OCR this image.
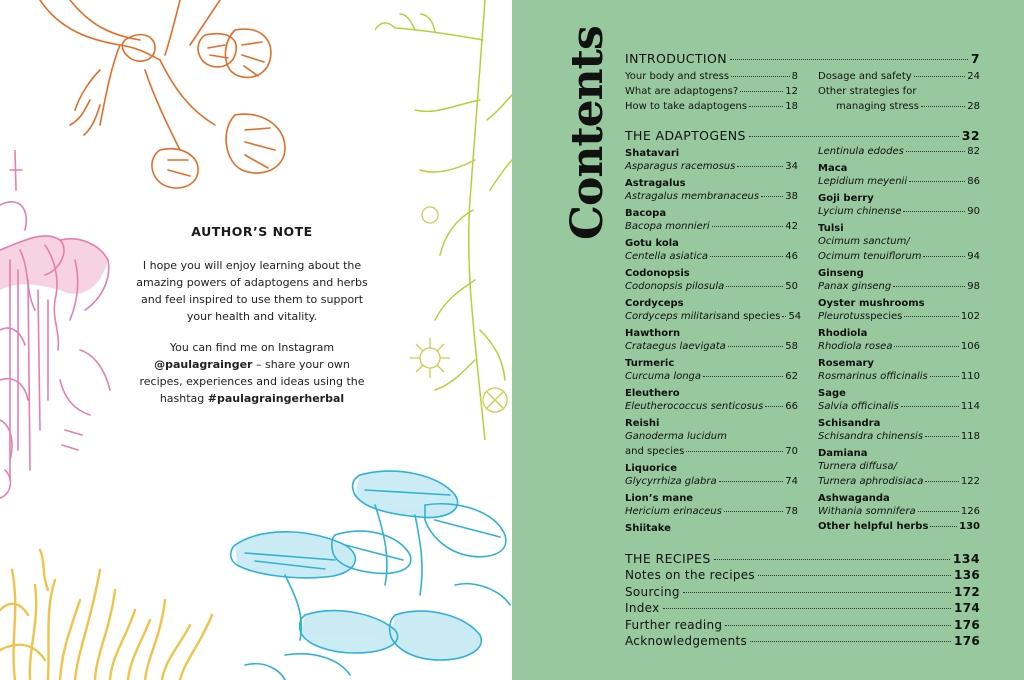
AUTHOR’S NOTE

I hope you will enjoy learning about the amazing powers of adaptogens and herbs and feel inspired to use them to support your health and vitality.

You can find me on Instagram
@paulagrainger – share your own recipes, experiences and ideas using the hashtag #paulagraingerherbal

Contents INTRODUCTION	7
Your body and stress	8
What are adaptogens?	12
How to take adaptogens	18
Dosage and safety	24
Other strategies for
managing stress	28
THE ADAPTOGENS	32
Shatavari
Asparagus racemosus	34
Astragalus
Astragalus membranaceus	38
Bacopa
Bacopa monnieri	42
Gotu kola
Centella asiatica	46
Codonopsis
Codonopsis pilosula	50
Cordyceps
Cordyceps militaris and species 54
Hawthorn
Crataegus laevigata	58
Turmeric
Curcuma longa	62
Eleuthero
Eleutherococcus senticosus 66
Reishi
Ganoderma lucidum
and species	70
Liquorice
Glycyrrhiza glabra	74
Lion’s mane
Hericium erinaceus	78
Shiitake
Lentinula edodes	82
Maca
Lepidium meyenii	86
Goji berry
Lycium chinense	90
Tulsi
Ocimum sanctum/
Ocimum tenuiflorum	94
Ginseng
Panax ginseng	98
Oyster mushrooms
Pleurotus species	102
Rhodiola
Rhodiola rosea	106
Rosemary
Rosmarinus officinalis	110
Sage
Salvia officinalis	114
Schisandra
Schisandra chinensis	118
Damiana
Turnera diffusa/
Turnera aphrodisiaca	122
Ashwaganda
Withania somnifera	126
Other helpful herbs	130
THE RECIPES	134
Notes on the recipes	136
Sourcing	172
Index	174
Further reading	176
Acknowledgements	176
